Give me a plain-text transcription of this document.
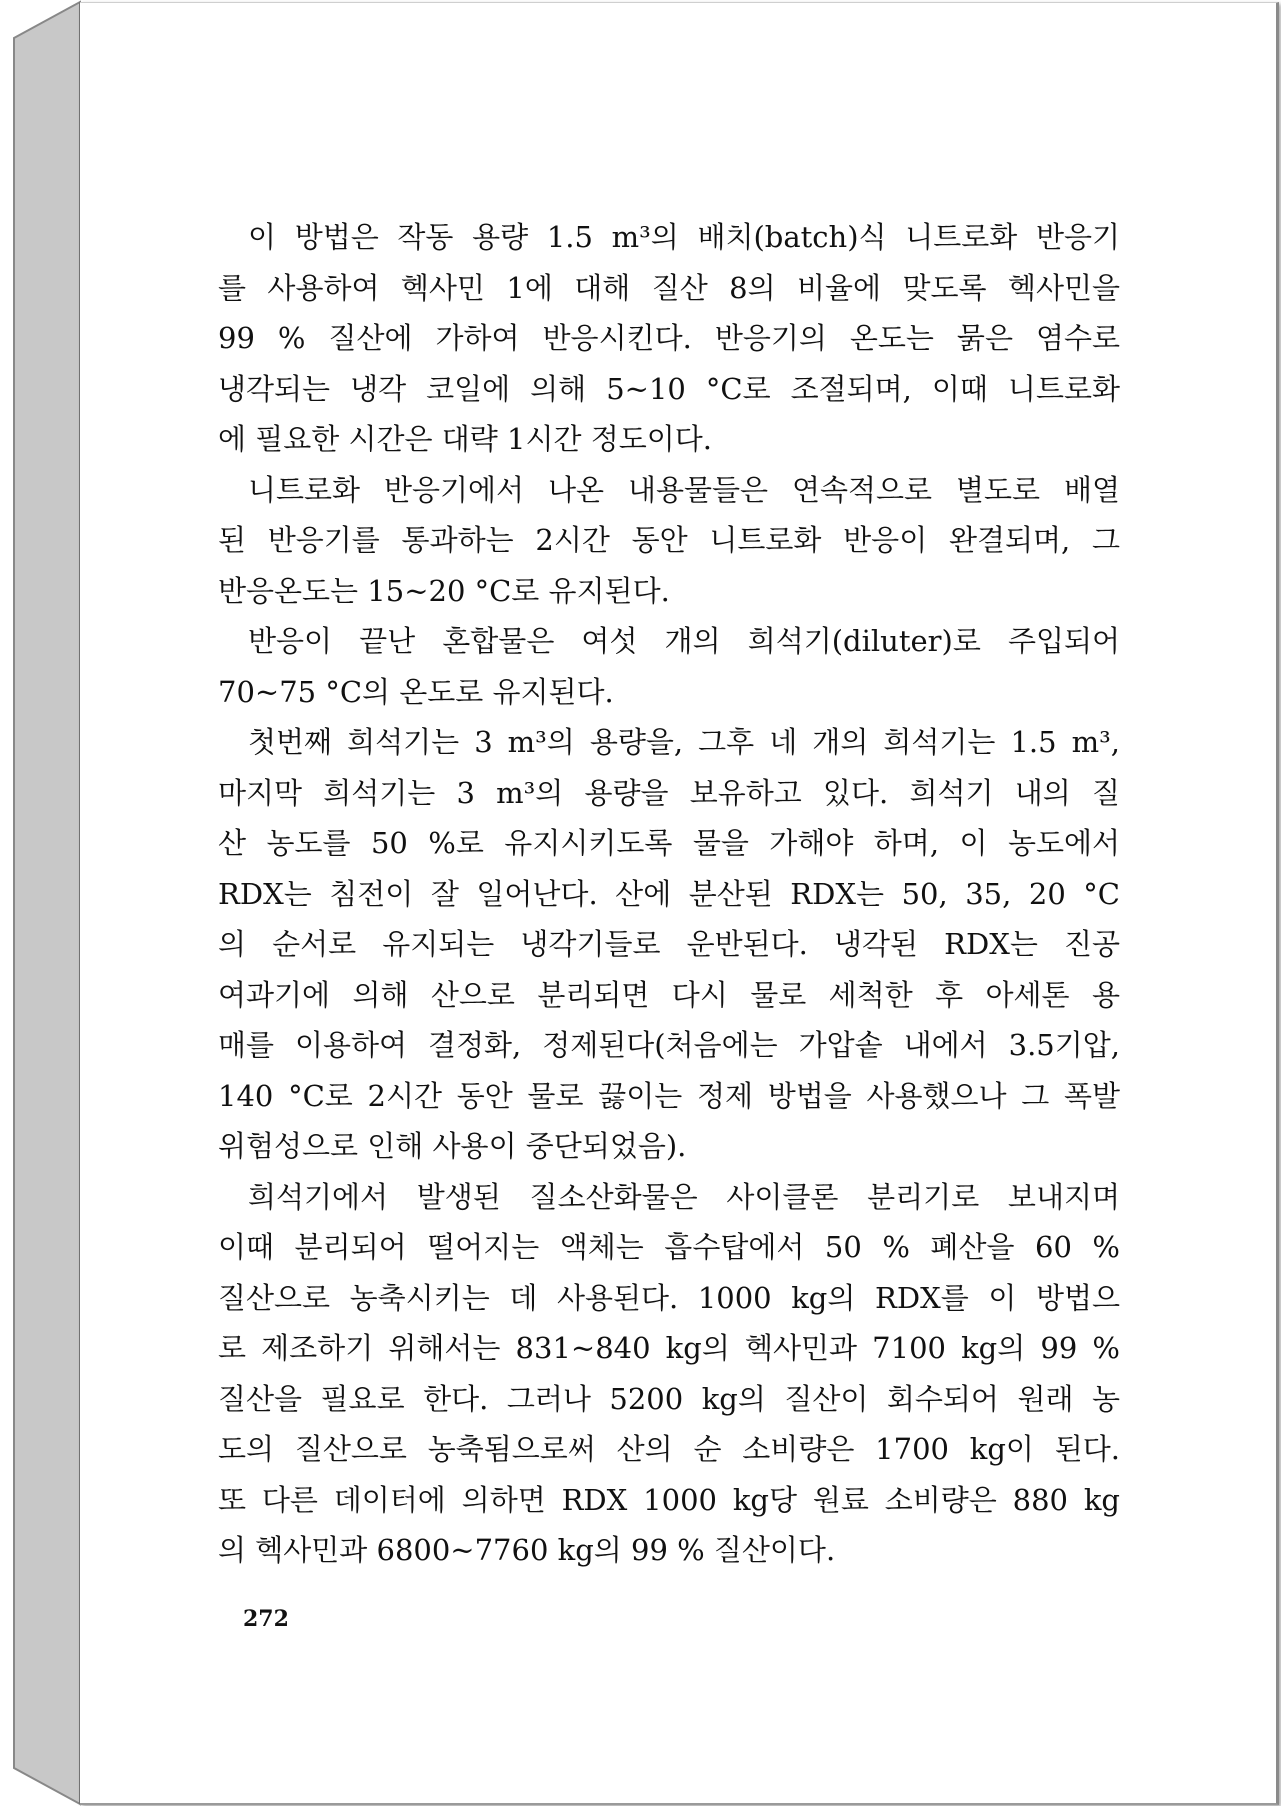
이 방법은 작동 용량 1.5 m³의 배치(batch)식 니트로화 반응기
를 사용하여 헥사민 1에 대해 질산 8의 비율에 맞도록 헥사민을
99 % 질산에 가하여 반응시킨다. 반응기의 온도는 묽은 염수로
냉각되는 냉각 코일에 의해 5~10 °C로 조절되며, 이때 니트로화
에 필요한 시간은 대략 1시간 정도이다.
니트로화 반응기에서 나온 내용물들은 연속적으로 별도로 배열
된 반응기를 통과하는 2시간 동안 니트로화 반응이 완결되며, 그
반응온도는 15~20 °C로 유지된다.
반응이 끝난 혼합물은 여섯 개의 희석기(diluter)로 주입되어
70~75 °C의 온도로 유지된다.
첫번째 희석기는 3 m³의 용량을, 그후 네 개의 희석기는 1.5 m³,
마지막 희석기는 3 m³의 용량을 보유하고 있다. 희석기 내의 질
산 농도를 50 %로 유지시키도록 물을 가해야 하며, 이 농도에서
RDX는 침전이 잘 일어난다. 산에 분산된 RDX는 50, 35, 20 °C
의 순서로 유지되는 냉각기들로 운반된다. 냉각된 RDX는 진공
여과기에 의해 산으로 분리되면 다시 물로 세척한 후 아세톤 용
매를 이용하여 결정화, 정제된다(처음에는 가압솥 내에서 3.5기압,
140 °C로 2시간 동안 물로 끓이는 정제 방법을 사용했으나 그 폭발
위험성으로 인해 사용이 중단되었음).
희석기에서 발생된 질소산화물은 사이클론 분리기로 보내지며
이때 분리되어 떨어지는 액체는 흡수탑에서 50 % 폐산을 60 %
질산으로 농축시키는 데 사용된다. 1000 kg의 RDX를 이 방법으
로 제조하기 위해서는 831~840 kg의 헥사민과 7100 kg의 99 %
질산을 필요로 한다. 그러나 5200 kg의 질산이 회수되어 원래 농
도의 질산으로 농축됨으로써 산의 순 소비량은 1700 kg이 된다.
또 다른 데이터에 의하면 RDX 1000 kg당 원료 소비량은 880 kg
의 헥사민과 6800~7760 kg의 99 % 질산이다.
272
